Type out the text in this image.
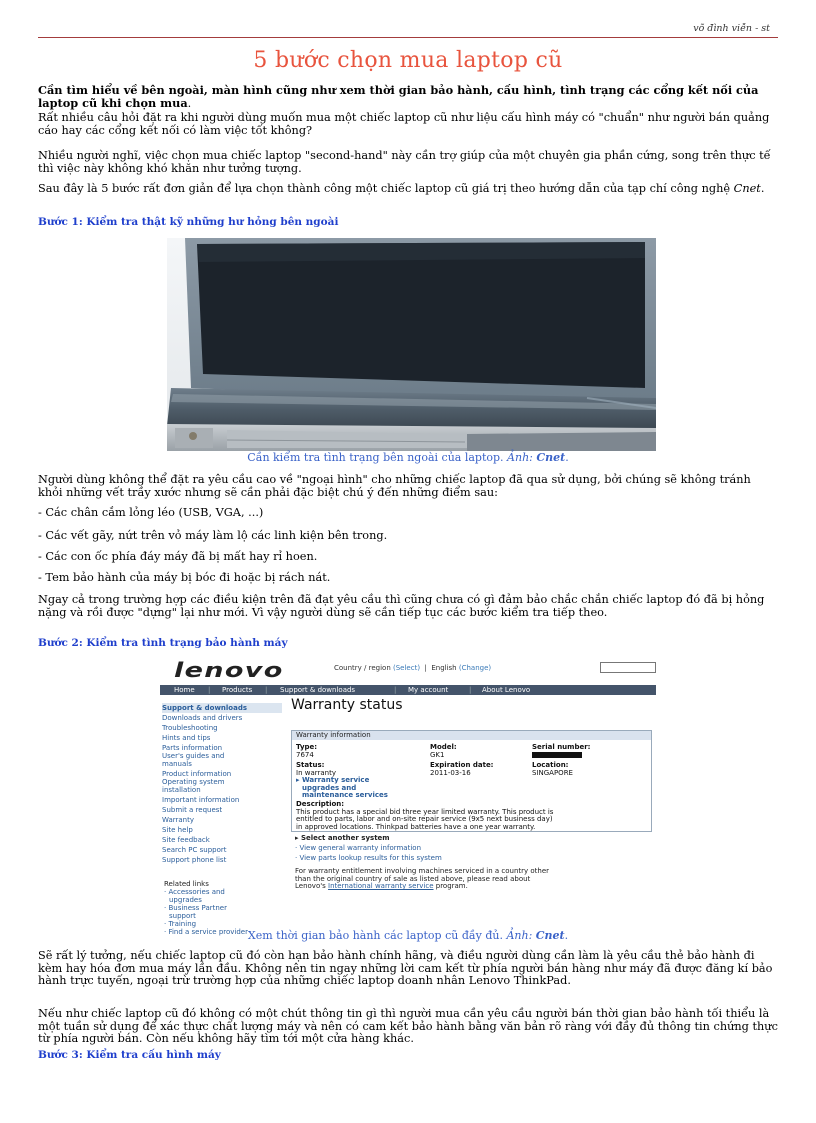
võ đình viễn - st
5 bước chọn mua laptop cũ

Cần tìm hiểu về bên ngoài, màn hình cũng như xem thời gian bảo hành, cấu hình, tình trạng các cổng kết nối của laptop cũ khi chọn mua.

Rất nhiều câu hỏi đặt ra khi người dùng muốn mua một chiếc laptop cũ như liệu cấu hình máy có "chuẩn" như người bán quảng cáo hay các cổng kết nối có làm việc tốt không?

Nhiều người nghĩ, việc chọn mua chiếc laptop "second-hand" này cần trợ giúp của một chuyên gia phần cứng, song trên thực tế thì việc này không khó khăn như tưởng tượng.

Sau đây là 5 bước rất đơn giản để lựa chọn thành công một chiếc laptop cũ giá trị theo hướng dẫn của tạp chí công nghệ Cnet.

Bước 1: Kiểm tra thật kỹ những hư hỏng bên ngoài

Cần kiểm tra tình trạng bên ngoài của laptop. Ảnh: Cnet.

Người dùng không thể đặt ra yêu cầu cao về "ngoại hình" cho những chiếc laptop đã qua sử dụng, bởi chúng sẽ không tránh khỏi những vết trầy xước nhưng sẽ cần phải đặc biệt chú ý đến những điểm sau:

- Các chân cắm lỏng léo (USB, VGA, ...)

- Các vết gãy, nứt trên vỏ máy làm lộ các linh kiện bên trong.

- Các con ốc phía đáy máy đã bị mất hay rỉ hoen.

- Tem bảo hành của máy bị bóc đi hoặc bị rách nát.

Ngay cả trong trường hợp các điều kiện trên đã đạt yêu cầu thì cũng chưa có gì đảm bảo chắc chắn chiếc laptop đó đã bị hỏng nặng và rồi được "dựng" lại như mới. Vì vậy người dùng sẽ cần tiếp tục các bước kiểm tra tiếp theo.

Bước 2: Kiểm tra tình trạng bảo hành máy

lenovo	Country / region (Select)  |  English (Change)
Home | Products | Support & downloads	| My account	| About Lenovo
Support & downloads
Downloads and drivers
Troubleshooting
Hints and tips
Parts information
User's guides and
manuals
Product information
Operating system
installation
Important information
Submit a request
Warranty
Site help
Site feedback
Search PC support
Support phone list
Related links
· Accessories and
upgrades
· Business Partner
support
· Training
· Find a service provider
Warranty status
Warranty information
Type:
7674
Model:
GK1
Serial number:

Status:
In warranty
▸ Warranty service
upgrades and
maintenance services
Expiration date:
2011-03-16
Location:
SINGAPORE
Description:
This product has a special bid three year limited warranty. This product is
entitled to parts, labor and on-site repair service (9x5 next business day)
in approved locations. Thinkpad batteries have a one year warranty.
▸ Select another system
· View general warranty information
· View parts lookup results for this system
For warranty entitlement involving machines serviced in a country other
than the original country of sale as listed above, please read about
Lenovo's International warranty service program.

Xem thời gian bảo hành các laptop cũ đầy đủ. Ảnh: Cnet.

Sẽ rất lý tưởng, nếu chiếc laptop cũ đó còn hạn bảo hành chính hãng, và điều người dùng cần làm là yêu cầu thẻ bảo hành đi kèm hay hóa đơn mua máy lần đầu. Không nên tin ngay những lời cam kết từ phía người bán hàng như máy đã được đăng kí bảo hành trực tuyến, ngoại trừ trường hợp của những chiếc laptop doanh nhân Lenovo ThinkPad.

Nếu như chiếc laptop cũ đó không có một chút thông tin gì thì người mua cần yêu cầu người bán thời gian bảo hành tối thiểu là một tuần sử dụng để xác thực chất lượng máy và nên có cam kết bảo hành bằng văn bản rõ ràng với đầy đủ thông tin chứng thực từ phía người bán. Còn nếu không hãy tìm tới một cửa hàng khác.

Bước 3: Kiểm tra cấu hình máy
